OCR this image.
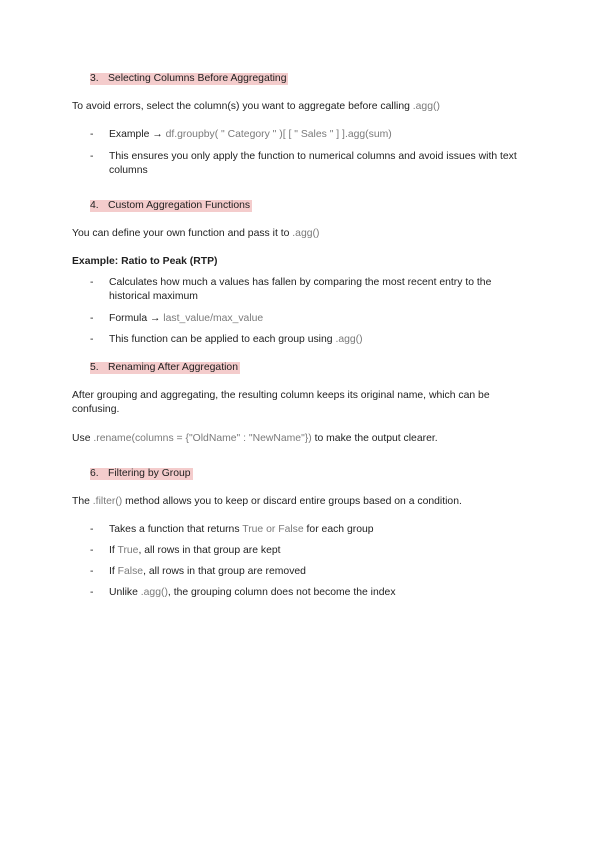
3. Selecting Columns Before Aggregating
To avoid errors, select the column(s) you want to aggregate before calling .agg()
- Example → df.groupby( " Category " )[ [ " Sales " ] ].agg(sum)
-	This ensures you only apply the function to numerical columns and avoid issues with text columns
4. Custom Aggregation Functions
You can define your own function and pass it to .agg()
Example: Ratio to Peak (RTP)
-	Calculates how much a values has fallen by comparing the most recent entry to the historical maximum
- Formula → last_value/max_value
- This function can be applied to each group using .agg()
5. Renaming After Aggregation
After grouping and aggregating, the resulting column keeps its original name, which can be confusing.
Use .rename(columns = {"OldName" : "NewName"}) to make the output clearer.
6. Filtering by Group
The .filter() method allows you to keep or discard entire groups based on a condition.
- Takes a function that returns True or False for each group
- If True, all rows in that group are kept
- If False, all rows in that group are removed
- Unlike .agg(), the grouping column does not become the index
